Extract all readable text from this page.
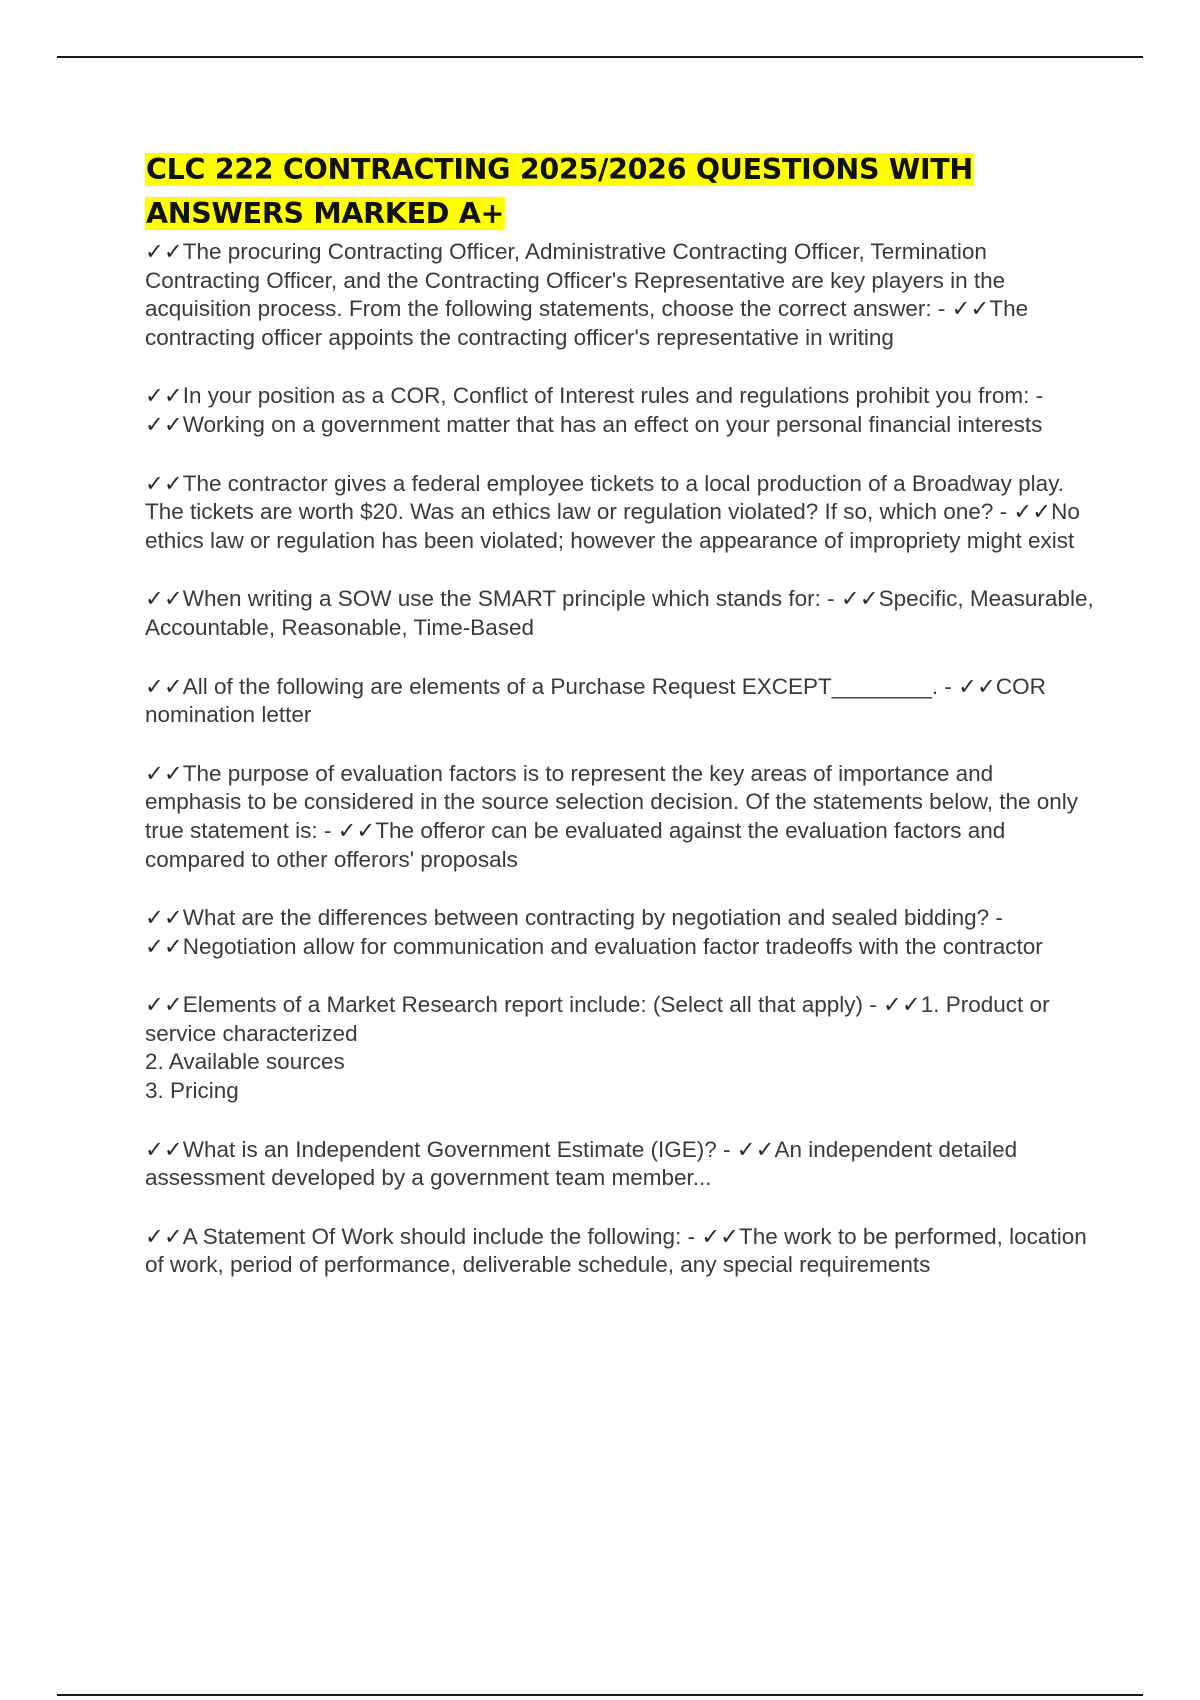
CLC 222 CONTRACTING 2025/2026 QUESTIONS WITH ANSWERS MARKED A+

✓✓The procuring Contracting Officer, Administrative Contracting Officer, Termination Contracting Officer, and the Contracting Officer's Representative are key players in the acquisition process. From the following statements, choose the correct answer: - ✓✓The contracting officer appoints the contracting officer's representative in writing

✓✓In your position as a COR, Conflict of Interest rules and regulations prohibit you from: - ✓✓Working on a government matter that has an effect on your personal financial interests

✓✓The contractor gives a federal employee tickets to a local production of a Broadway play. The tickets are worth $20. Was an ethics law or regulation violated? If so, which one? - ✓✓No ethics law or regulation has been violated; however the appearance of impropriety might exist

✓✓When writing a SOW use the SMART principle which stands for: - ✓✓Specific, Measurable, Accountable, Reasonable, Time-Based

✓✓All of the following are elements of a Purchase Request EXCEPT________. - ✓✓COR nomination letter

✓✓The purpose of evaluation factors is to represent the key areas of importance and emphasis to be considered in the source selection decision. Of the statements below, the only true statement is: - ✓✓The offeror can be evaluated against the evaluation factors and compared to other offerors' proposals

✓✓What are the differences between contracting by negotiation and sealed bidding? - ✓✓Negotiation allow for communication and evaluation factor tradeoffs with the contractor

✓✓Elements of a Market Research report include: (Select all that apply) - ✓✓1. Product or service characterized
2. Available sources
3. Pricing

✓✓What is an Independent Government Estimate (IGE)? - ✓✓An independent detailed assessment developed by a government team member...

✓✓A Statement Of Work should include the following: - ✓✓The work to be performed, location of work, period of performance, deliverable schedule, any special requirements
